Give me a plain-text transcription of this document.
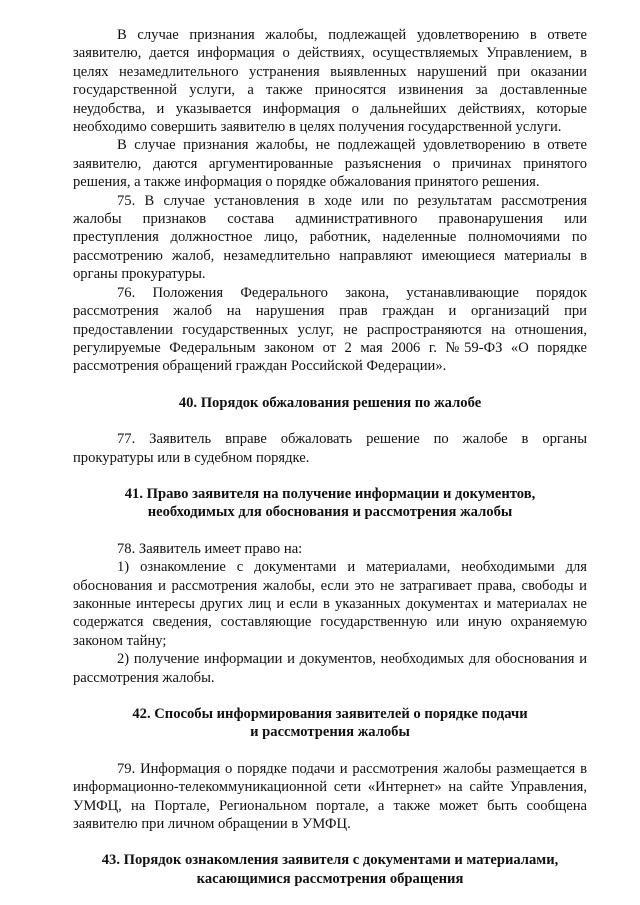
В случае признания жалобы, подлежащей удовлетворению в ответе заявителю, дается информация о действиях, осуществляемых Управлением, в целях незамедлительного устранения выявленных нарушений при оказании государственной услуги, а также приносятся извинения за доставленные неудобства, и указывается информация о дальнейших действиях, которые необходимо совершить заявителю в целях получения государственной услуги.

В случае признания жалобы, не подлежащей удовлетворению в ответе заявителю, даются аргументированные разъяснения о причинах принятого решения, а также информация о порядке обжалования принятого решения.

75. В случае установления в ходе или по результатам рассмотрения жалобы признаков состава административного правонарушения или преступления должностное лицо, работник, наделенные полномочиями по рассмотрению жалоб, незамедлительно направляют имеющиеся материалы в органы прокуратуры.

76. Положения Федерального закона, устанавливающие порядок рассмотрения жалоб на нарушения прав граждан и организаций при предоставлении государственных услуг, не распространяются на отношения, регулируемые Федеральным законом от 2 мая 2006 г. №59-ФЗ «О порядке рассмотрения обращений граждан Российской Федерации».

40. Порядок обжалования решения по жалобе

77. Заявитель вправе обжаловать решение по жалобе в органы прокуратуры или в судебном порядке.

41. Право заявителя на получение информации и документов,
необходимых для обоснования и рассмотрения жалобы

78. Заявитель имеет право на:

1) ознакомление с документами и материалами, необходимыми для обоснования и рассмотрения жалобы, если это не затрагивает права, свободы и законные интересы других лиц и если в указанных документах и материалах не содержатся сведения, составляющие государственную или иную охраняемую законом тайну;

2) получение информации и документов, необходимых для обоснования и рассмотрения жалобы.

42. Способы информирования заявителей о порядке подачи
и рассмотрения жалобы

79. Информация о порядке подачи и рассмотрения жалобы размещается в информационно-телекоммуникационной сети «Интернет» на сайте Управления, УМФЦ, на Портале, Региональном портале, а также может быть сообщена заявителю при личном обращении в УМФЦ.

43. Порядок ознакомления заявителя с документами и материалами,
касающимися рассмотрения обращения
